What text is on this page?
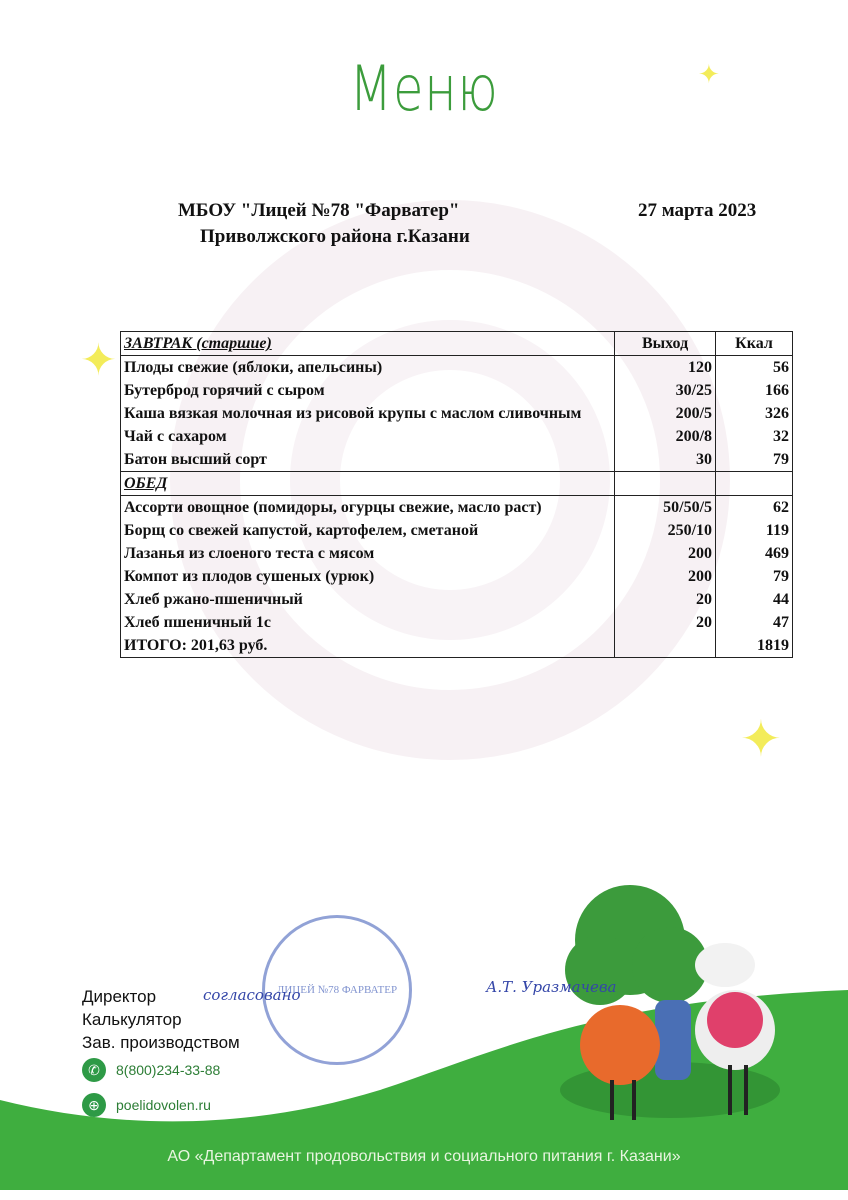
✦
✦
✦
Меню
МБОУ "Лицей №78 "Фарватер"
Приволжского района г.Казани
27 марта 2023
ЗАВТРАК (старшие)	Выход	Ккал
Плоды свежие (яблоки, апельсины)	120	56
Бутерброд горячий с сыром	30/25	166
Каша вязкая молочная из рисовой крупы с маслом сливочным	200/5	326
Чай с сахаром	200/8	32
Батон высший сорт	30	79
ОБЕД		
Ассорти овощное (помидоры, огурцы свежие, масло раст)	50/50/5	62
Борщ со свежей капустой, картофелем, сметаной	250/10	119
Лазанья из слоеного теста с мясом	200	469
Компот из плодов сушеных (урюк)	200	79
Хлеб ржано-пшеничный	20	44
Хлеб пшеничный 1с	20	47
ИТОГО: 201,63 руб.		1819
ЛИЦЕЙ №78 ФАРВАТЕР
согласовано	А.Т. Уразмачева
Директор
Калькулятор
Зав. производством
✆	8(800)234-33-88
⊕	poelidovolen.ru
АО «Департамент продовольствия и социального питания г. Казани»
